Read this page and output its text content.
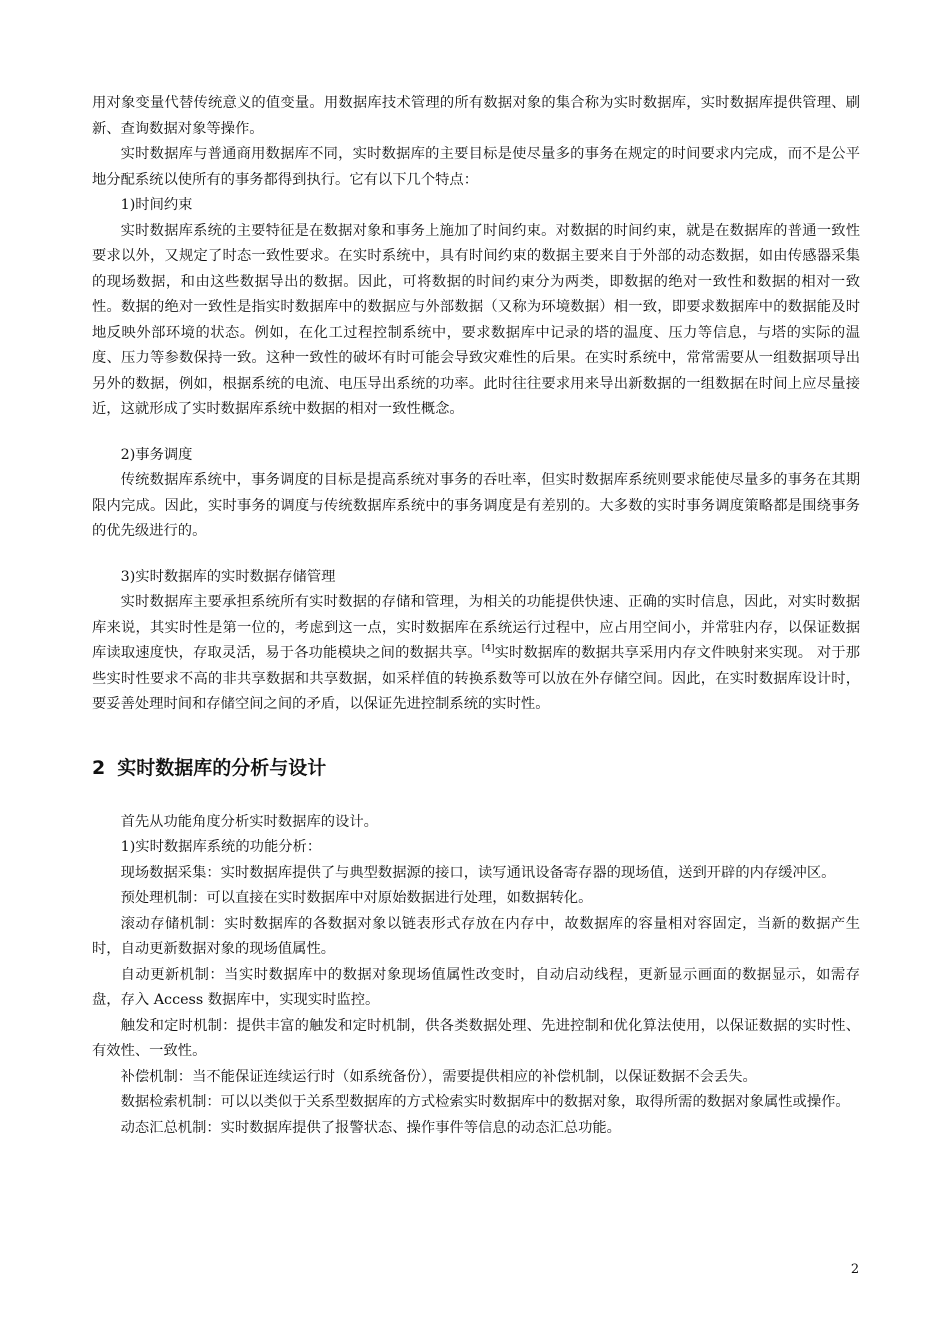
用对象变量代替传统意义的值变量。用数据库技术管理的所有数据对象的集合称为实时数据库，实时数据库提供管理、刷新、查询数据对象等操作。

实时数据库与普通商用数据库不同，实时数据库的主要目标是使尽量多的事务在规定的时间要求内完成，而不是公平地分配系统以使所有的事务都得到执行。它有以下几个特点：

1)时间约束

实时数据库系统的主要特征是在数据对象和事务上施加了时间约束。对数据的时间约束，就是在数据库的普通一致性要求以外，又规定了时态一致性要求。在实时系统中，具有时间约束的数据主要来自于外部的动态数据，如由传感器采集的现场数据，和由这些数据导出的数据。因此，可将数据的时间约束分为两类，即数据的绝对一致性和数据的相对一致性。数据的绝对一致性是指实时数据库中的数据应与外部数据（又称为环境数据）相一致，即要求数据库中的数据能及时地反映外部环境的状态。例如，在化工过程控制系统中，要求数据库中记录的塔的温度、压力等信息，与塔的实际的温度、压力等参数保持一致。这种一致性的破坏有时可能会导致灾难性的后果。在实时系统中，常常需要从一组数据项导出另外的数据，例如，根据系统的电流、电压导出系统的功率。此时往往要求用来导出新数据的一组数据在时间上应尽量接近，这就形成了实时数据库系统中数据的相对一致性概念。

2)事务调度

传统数据库系统中，事务调度的目标是提高系统对事务的吞吐率，但实时数据库系统则要求能使尽量多的事务在其期限内完成。因此，实时事务的调度与传统数据库系统中的事务调度是有差别的。大多数的实时事务调度策略都是围绕事务的优先级进行的。

3)实时数据库的实时数据存储管理

实时数据库主要承担系统所有实时数据的存储和管理，为相关的功能提供快速、正确的实时信息，因此，对实时数据库来说，其实时性是第一位的，考虑到这一点，实时数据库在系统运行过程中，应占用空间小，并常驻内存，以保证数据库读取速度快，存取灵活，易于各功能模块之间的数据共享。[4]实时数据库的数据共享采用内存文件映射来实现。 对于那些实时性要求不高的非共享数据和共享数据，如采样值的转换系数等可以放在外存储空间。因此，在实时数据库设计时，要妥善处理时间和存储空间之间的矛盾，以保证先进控制系统的实时性。

2 实时数据库的分析与设计

首先从功能角度分析实时数据库的设计。

1)实时数据库系统的功能分析：

现场数据采集：实时数据库提供了与典型数据源的接口，读写通讯设备寄存器的现场值，送到开辟的内存缓冲区。

预处理机制：可以直接在实时数据库中对原始数据进行处理，如数据转化。

滚动存储机制：实时数据库的各数据对象以链表形式存放在内存中，故数据库的容量相对容固定，当新的数据产生时，自动更新数据对象的现场值属性。

自动更新机制：当实时数据库中的数据对象现场值属性改变时，自动启动线程，更新显示画面的数据显示，如需存盘，存入 Access 数据库中，实现实时监控。

触发和定时机制：提供丰富的触发和定时机制，供各类数据处理、先进控制和优化算法使用，以保证数据的实时性、有效性、一致性。

补偿机制：当不能保证连续运行时（如系统备份），需要提供相应的补偿机制，以保证数据不会丢失。

数据检索机制：可以以类似于关系型数据库的方式检索实时数据库中的数据对象，取得所需的数据对象属性或操作。

动态汇总机制：实时数据库提供了报警状态、操作事件等信息的动态汇总功能。

2
